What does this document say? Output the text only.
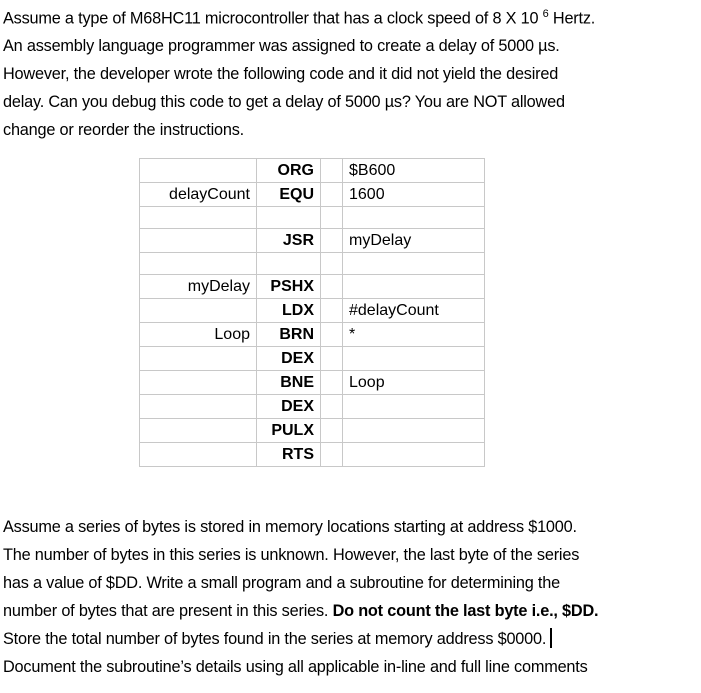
Assume a type of M68HC11 microcontroller that has a clock speed of 8 X 10 $^6$ Hertz.
An assembly language programmer was assigned to create a delay of 5000 µs.
However, the developer wrote the following code and it did not yield the desired
delay. Can you debug this code to get a delay of 5000 µs? You are NOT allowed
change or reorder the instructions.
	ORG		$B600
delayCount	EQU		1600

	JSR		myDelay

myDelay	PSHX		
	LDX		#delayCount
Loop	BRN		*
	DEX		
	BNE		Loop
	DEX		
	PULX		
	RTS		
Assume a series of bytes is stored in memory locations starting at address $1000.
The number of bytes in this series is unknown. However, the last byte of the series
has a value of $DD. Write a small program and a subroutine for determining the
number of bytes that are present in this series. Do not count the last byte i.e., $DD.
Store the total number of bytes found in the series at memory address $0000.
Document the subroutine’s details using all applicable in-line and full line comments
